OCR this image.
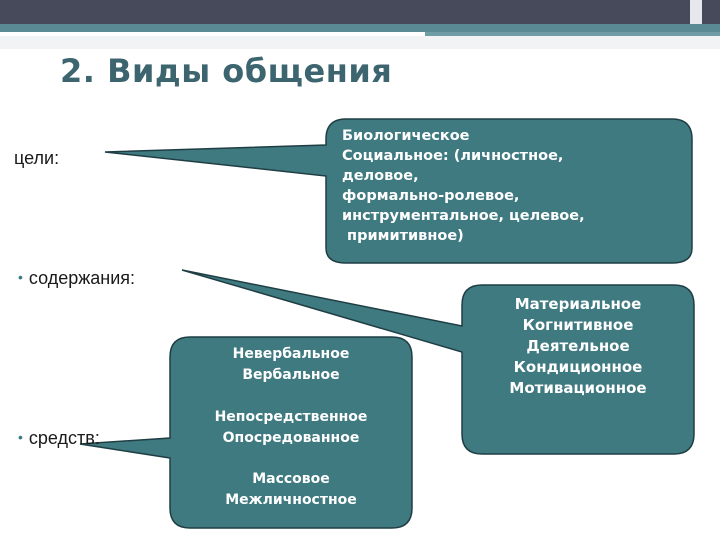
2. Виды общения
цели:
• содержания:
• средств:
Биологическое
Социальное: (личностное,
деловое,
формально-ролевое,
инструментальное, целевое,
примитивное)
Материальное
Когнитивное
Деятельное
Кондиционное
Мотивационное
Невербальное
Вербальное
Непосредственное
Опосредованное
Массовое
Межличностное
